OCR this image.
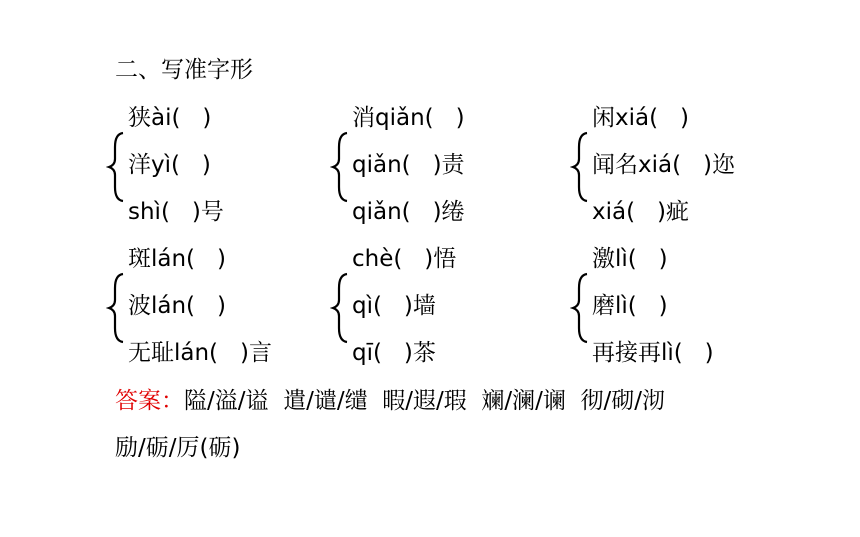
二、写准字形
狭ài(   )
洋yì(   )
shì(   )号
消qiǎn(   )
qiǎn(   )责
qiǎn(   )绻
闲xiá(   )
闻名xiá(   )迩
xiá(   )疵
斑lán(   )
波lán(   )
无耻lán(   )言
chè(   )悟
qì(   )墙
qī(   )茶
激lì(   )
磨lì(   )
再接再lì(   )
答案：隘/溢/谥  遣/谴/缱  暇/遐/瑕  斓/澜/谰  彻/砌/沏
励/砺/厉(砺)
